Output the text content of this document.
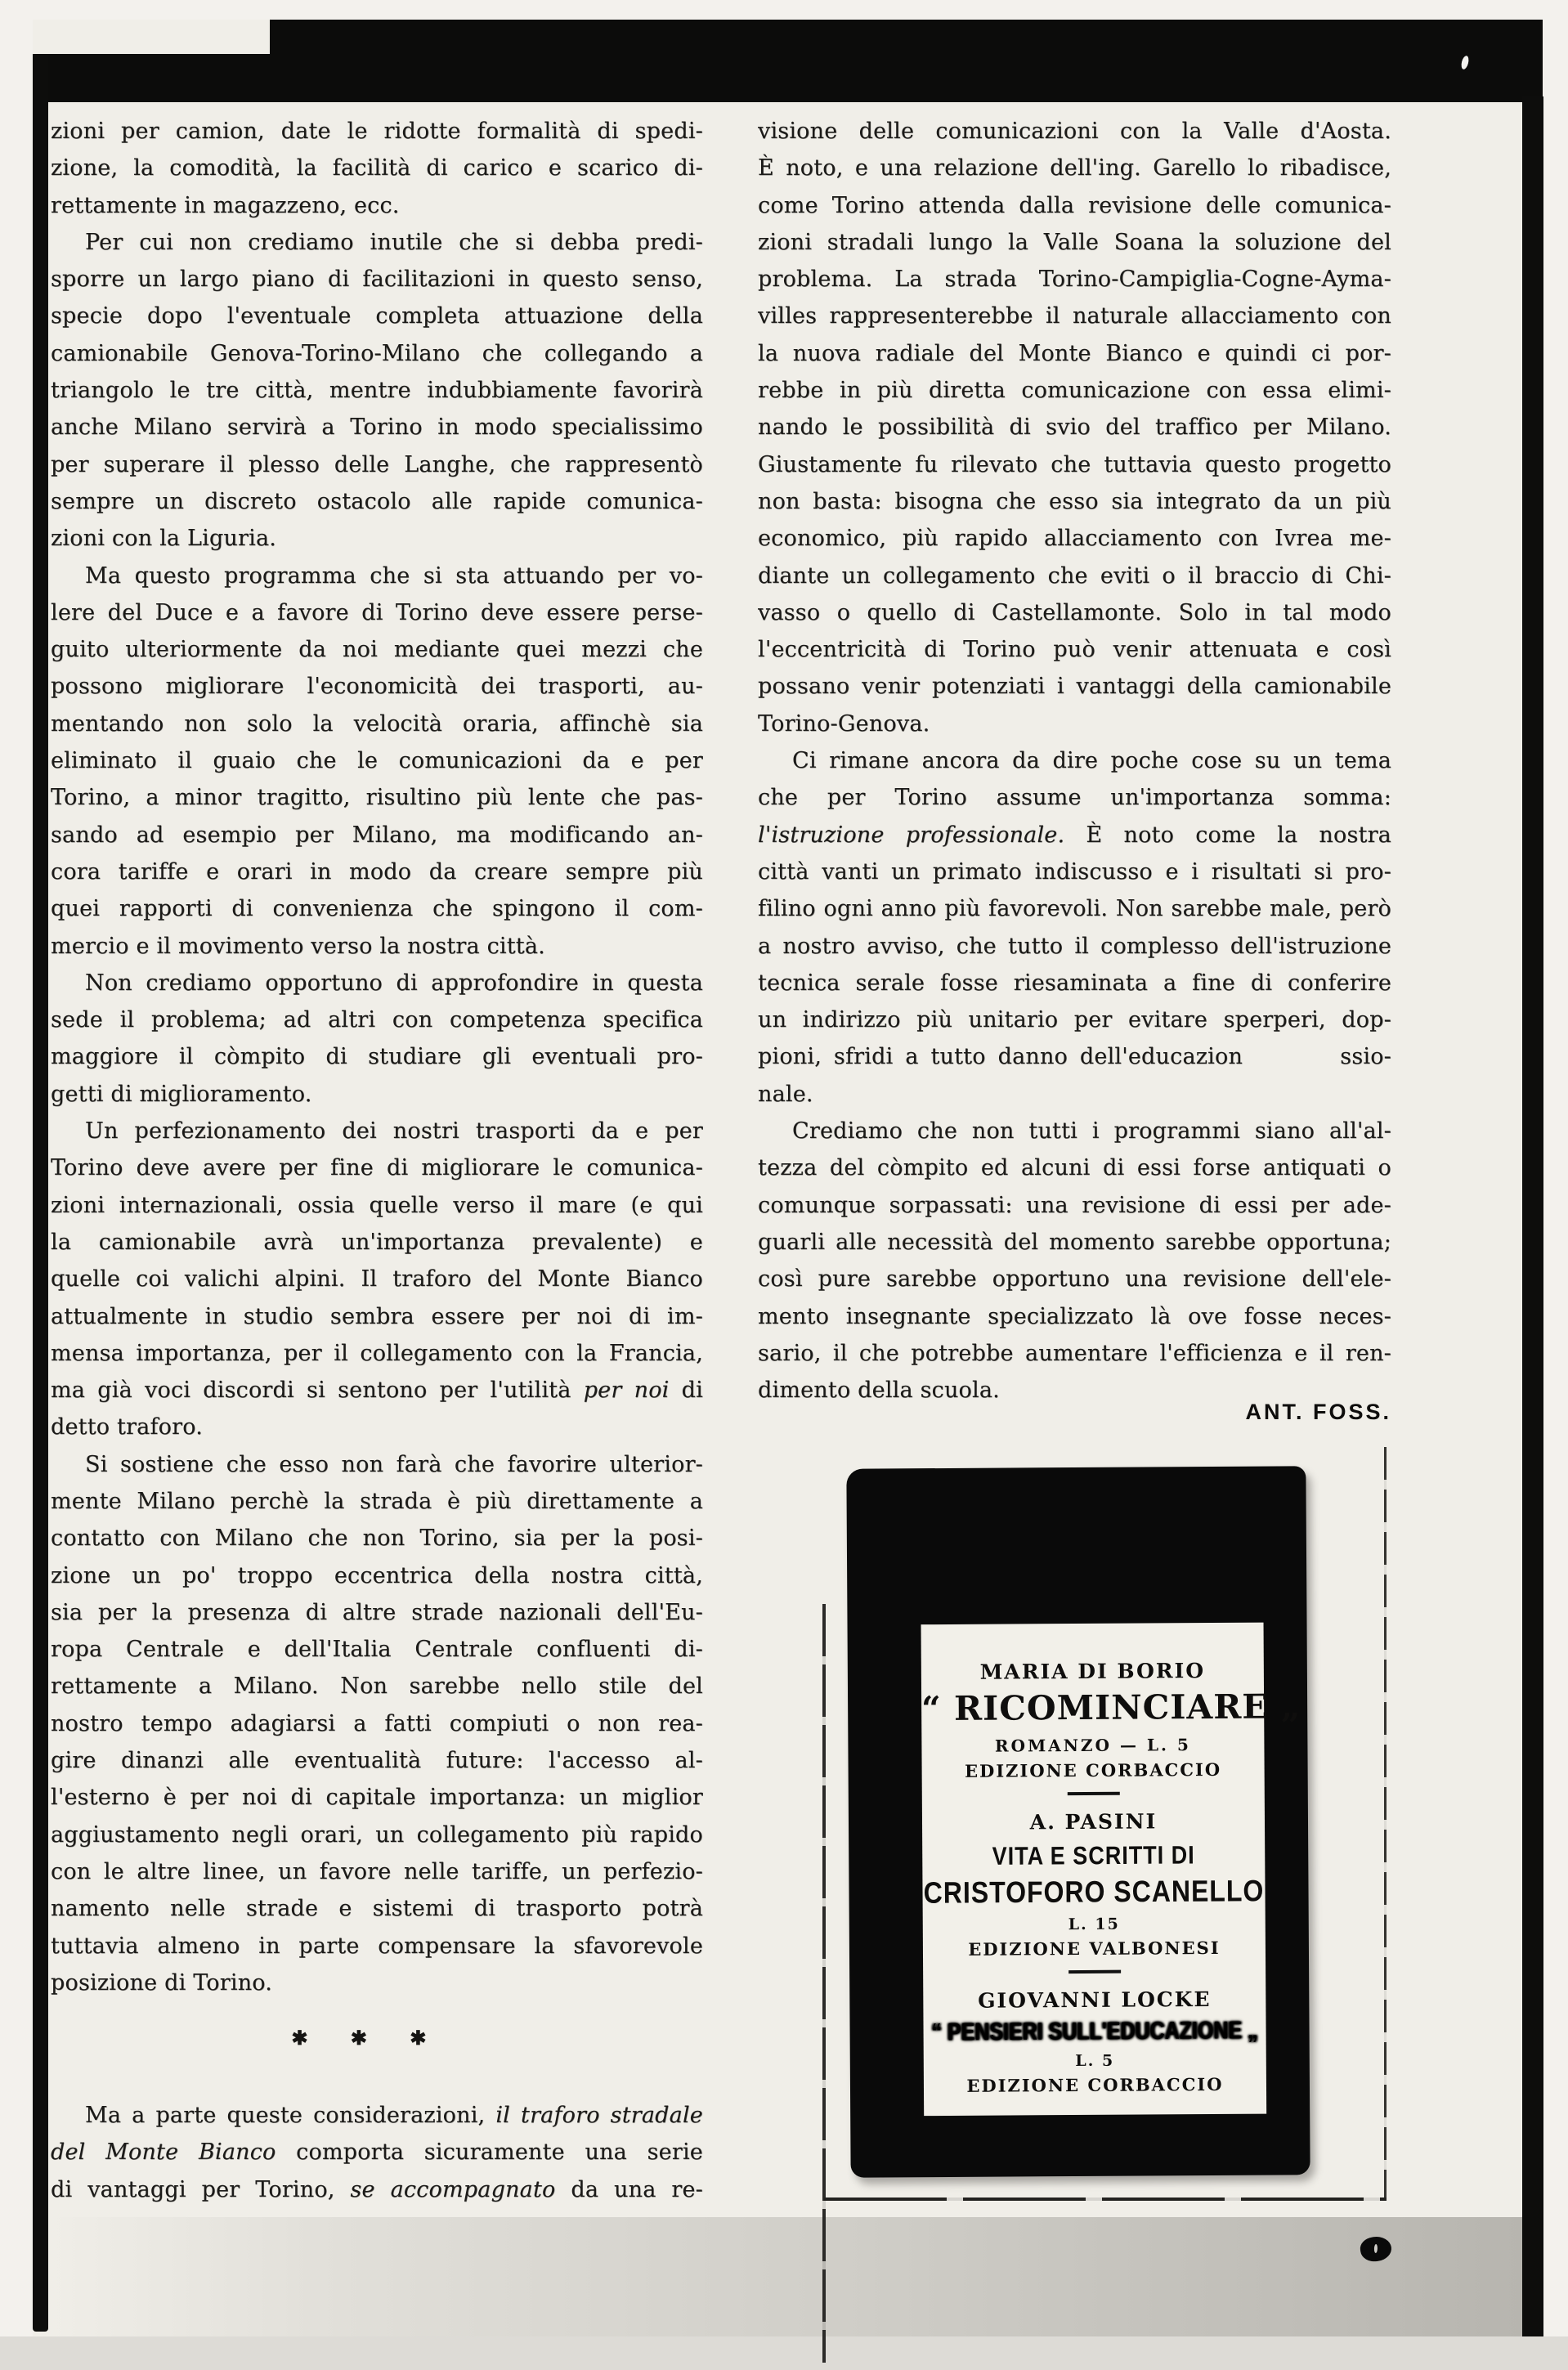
zioni per camion, date le ridotte formalità di spedi-
zione, la comodità, la facilità di carico e scarico di-
rettamente in magazzeno, ecc.
Per cui non crediamo inutile che si debba predi-
sporre un largo piano di facilitazioni in questo senso,
specie dopo l'eventuale completa attuazione della
camionabile Genova-Torino-Milano che collegando a
triangolo le tre città, mentre indubbiamente favorirà
anche Milano servirà a Torino in modo specialissimo
per superare il plesso delle Langhe, che rappresentò
sempre un discreto ostacolo alle rapide comunica-
zioni con la Liguria.
Ma questo programma che si sta attuando per vo-
lere del Duce e a favore di Torino deve essere perse-
guito ulteriormente da noi mediante quei mezzi che
possono migliorare l'economicità dei trasporti, au-
mentando non solo la velocità oraria, affinchè sia
eliminato il guaio che le comunicazioni da e per
Torino, a minor tragitto, risultino più lente che pas-
sando ad esempio per Milano, ma modificando an-
cora tariffe e orari in modo da creare sempre più
quei rapporti di convenienza che spingono il com-
mercio e il movimento verso la nostra città.
Non crediamo opportuno di approfondire in questa
sede il problema; ad altri con competenza specifica
maggiore il còmpito di studiare gli eventuali pro-
getti di miglioramento.
Un perfezionamento dei nostri trasporti da e per
Torino deve avere per fine di migliorare le comunica-
zioni internazionali, ossia quelle verso il mare (e qui
la camionabile avrà un'importanza prevalente) e
quelle coi valichi alpini. Il traforo del Monte Bianco
attualmente in studio sembra essere per noi di im-
mensa importanza, per il collegamento con la Francia,
ma già voci discordi si sentono per l'utilità per noi di
detto traforo.
Si sostiene che esso non farà che favorire ulterior-
mente Milano perchè la strada è più direttamente a
contatto con Milano che non Torino, sia per la posi-
zione un po' troppo eccentrica della nostra città,
sia per la presenza di altre strade nazionali dell'Eu-
ropa Centrale e dell'Italia Centrale confluenti di-
rettamente a Milano. Non sarebbe nello stile del
nostro tempo adagiarsi a fatti compiuti o non rea-
gire dinanzi alle eventualità future: l'accesso al-
l'esterno è per noi di capitale importanza: un miglior
aggiustamento negli orari, un collegamento più rapido
con le altre linee, un favore nelle tariffe, un perfezio-
namento nelle strade e sistemi di trasporto potrà
tuttavia almeno in parte compensare la sfavorevole
posizione di Torino.
✱ ✱ ✱
Ma a parte queste considerazioni, il traforo stradale
del Monte Bianco comporta sicuramente una serie
di vantaggi per Torino, se accompagnato da una re-
visione delle comunicazioni con la Valle d'Aosta.
È noto, e una relazione dell'ing. Garello lo ribadisce,
come Torino attenda dalla revisione delle comunica-
zioni stradali lungo la Valle Soana la soluzione del
problema. La strada Torino-Campiglia-Cogne-Ayma-
villes rappresenterebbe il naturale allacciamento con
la nuova radiale del Monte Bianco e quindi ci por-
rebbe in più diretta comunicazione con essa elimi-
nando le possibilità di svio del traffico per Milano.
Giustamente fu rilevato che tuttavia questo progetto
non basta: bisogna che esso sia integrato da un più
economico, più rapido allacciamento con Ivrea me-
diante un collegamento che eviti o il braccio di Chi-
vasso o quello di Castellamonte. Solo in tal modo
l'eccentricità di Torino può venir attenuata e così
possano venir potenziati i vantaggi della camionabile
Torino-Genova.
Ci rimane ancora da dire poche cose su un tema
che per Torino assume un'importanza somma:
l'istruzione professionale. È noto come la nostra
città vanti un primato indiscusso e i risultati si pro-
filino ogni anno più favorevoli. Non sarebbe male, però
a nostro avviso, che tutto il complesso dell'istruzione
tecnica serale fosse riesaminata a fine di conferire
un indirizzo più unitario per evitare sperperi, dop-
pioni, sfridi a tutto danno dell'educazion        ssio-
nale.
Crediamo che non tutti i programmi siano all'al-
tezza del còmpito ed alcuni di essi forse antiquati o
comunque sorpassati: una revisione di essi per ade-
guarli alle necessità del momento sarebbe opportuna;
così pure sarebbe opportuno una revisione dell'ele-
mento insegnante specializzato là ove fosse neces-
sario, il che potrebbe aumentare l'efficienza e il ren-
dimento della scuola.
ANT. FOSS.
MARIA DI BORIO
“ RICOMINCIARE „
ROMANZO — L. 5
EDIZIONE CORBACCIO
A. PASINI
VITA E SCRITTI DI
CRISTOFORO SCANELLO
L. 15
EDIZIONE VALBONESI
GIOVANNI LOCKE
“ PENSIERI SULL'EDUCAZIONE „
L. 5
EDIZIONE CORBACCIO
